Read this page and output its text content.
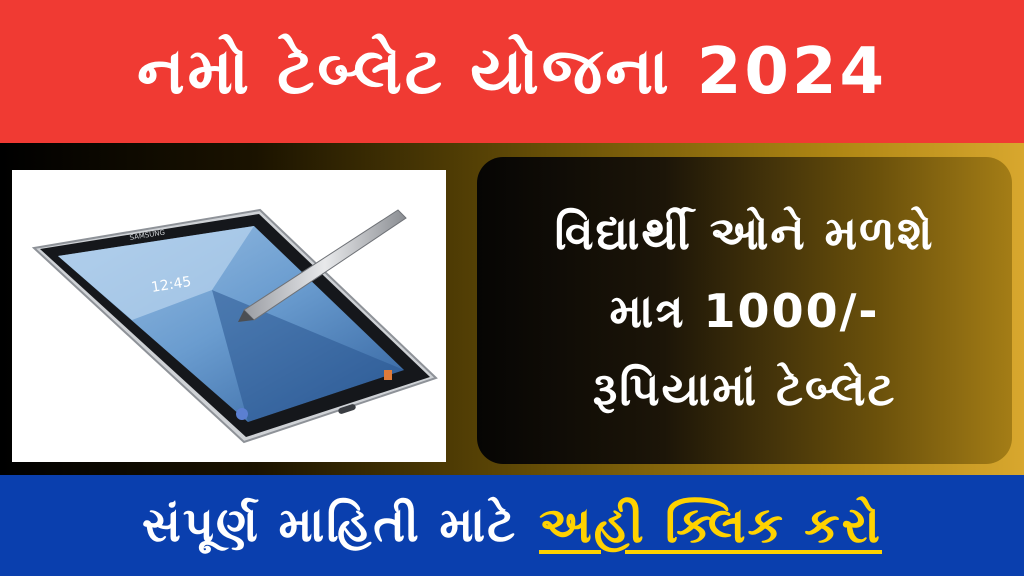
નમો ટેબ્લેટ યોજના 2024
12:45
SAMSUNG	વિદ્યાર્થી ઓને મળશે
માત્ર 1000/-
રૂપિયામાં ટેબ્લેટ
સંપૂર્ણ માહિતી માટે અહી ક્લિક કરો
